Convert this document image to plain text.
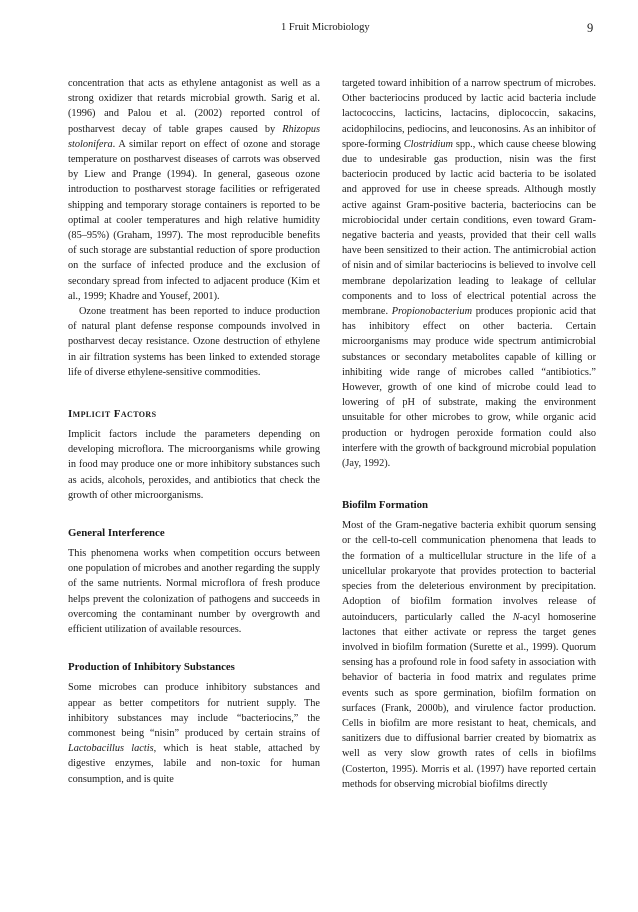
1 Fruit Microbiology	9

concentration that acts as ethylene antagonist as well as a strong oxidizer that retards microbial growth. Sarig et al. (1996) and Palou et al. (2002) reported control of postharvest decay of table grapes caused by Rhizopus stolonifera. A similar report on effect of ozone and storage temperature on postharvest diseases of carrots was observed by Liew and Prange (1994). In general, gaseous ozone introduction to postharvest storage facilities or refrigerated shipping and temporary storage containers is reported to be optimal at cooler temperatures and high relative humidity (85–95%) (Graham, 1997). The most reproducible benefits of such storage are substantial reduction of spore production on the surface of infected produce and the exclusion of secondary spread from infected to adjacent produce (Kim et al., 1999; Khadre and Yousef, 2001).

Ozone treatment has been reported to induce production of natural plant defense response compounds involved in postharvest decay resistance. Ozone destruction of ethylene in air filtration systems has been linked to extended storage life of diverse ethylene-sensitive commodities.

Implicit Factors

Implicit factors include the parameters depending on developing microflora. The microorganisms while growing in food may produce one or more inhibitory substances such as acids, alcohols, peroxides, and antibiotics that check the growth of other microorganisms.

General Interference

This phenomena works when competition occurs between one population of microbes and another regarding the supply of the same nutrients. Normal microflora of fresh produce helps prevent the colonization of pathogens and succeeds in overcoming the contaminant number by overgrowth and efficient utilization of available resources.

Production of Inhibitory Substances

Some microbes can produce inhibitory substances and appear as better competitors for nutrient supply. The inhibitory substances may include “bacteriocins,” the commonest being “nisin” produced by certain strains of Lactobacillus lactis, which is heat stable, attached by digestive enzymes, labile and non-toxic for human consumption, and is quite

targeted toward inhibition of a narrow spectrum of microbes. Other bacteriocins produced by lactic acid bacteria include lactococcins, lacticins, lactacins, diplococcin, sakacins, acidophilocins, pediocins, and leuconosins. As an inhibitor of spore-forming Clostridium spp., which cause cheese blowing due to undesirable gas production, nisin was the first bacteriocin produced by lactic acid bacteria to be isolated and approved for use in cheese spreads. Although mostly active against Gram-positive bacteria, bacteriocins can be microbiocidal under certain conditions, even toward Gram-negative bacteria and yeasts, provided that their cell walls have been sensitized to their action. The antimicrobial action of nisin and of similar bacteriocins is believed to involve cell membrane depolarization leading to leakage of cellular components and to loss of electrical potential across the membrane. Propionobacterium produces propionic acid that has inhibitory effect on other bacteria. Certain microorganisms may produce wide spectrum antimicrobial substances or secondary metabolites capable of killing or inhibiting wide range of microbes called “antibiotics.” However, growth of one kind of microbe could lead to lowering of pH of substrate, making the environment unsuitable for other microbes to grow, while organic acid production or hydrogen peroxide formation could also interfere with the growth of background microbial population (Jay, 1992).

Biofilm Formation

Most of the Gram-negative bacteria exhibit quorum sensing or the cell-to-cell communication phenomena that leads to the formation of a multicellular structure in the life of a unicellular prokaryote that provides protection to bacterial species from the deleterious environment by precipitation. Adoption of biofilm formation involves release of autoinducers, particularly called the N-acyl homoserine lactones that either activate or repress the target genes involved in biofilm formation (Surette et al., 1999). Quorum sensing has a profound role in food safety in association with behavior of bacteria in food matrix and regulates prime events such as spore germination, biofilm formation on surfaces (Frank, 2000b), and virulence factor production. Cells in biofilm are more resistant to heat, chemicals, and sanitizers due to diffusional barrier created by biomatrix as well as very slow growth rates of cells in biofilms (Costerton, 1995). Morris et al. (1997) have reported certain methods for observing microbial biofilms directly
